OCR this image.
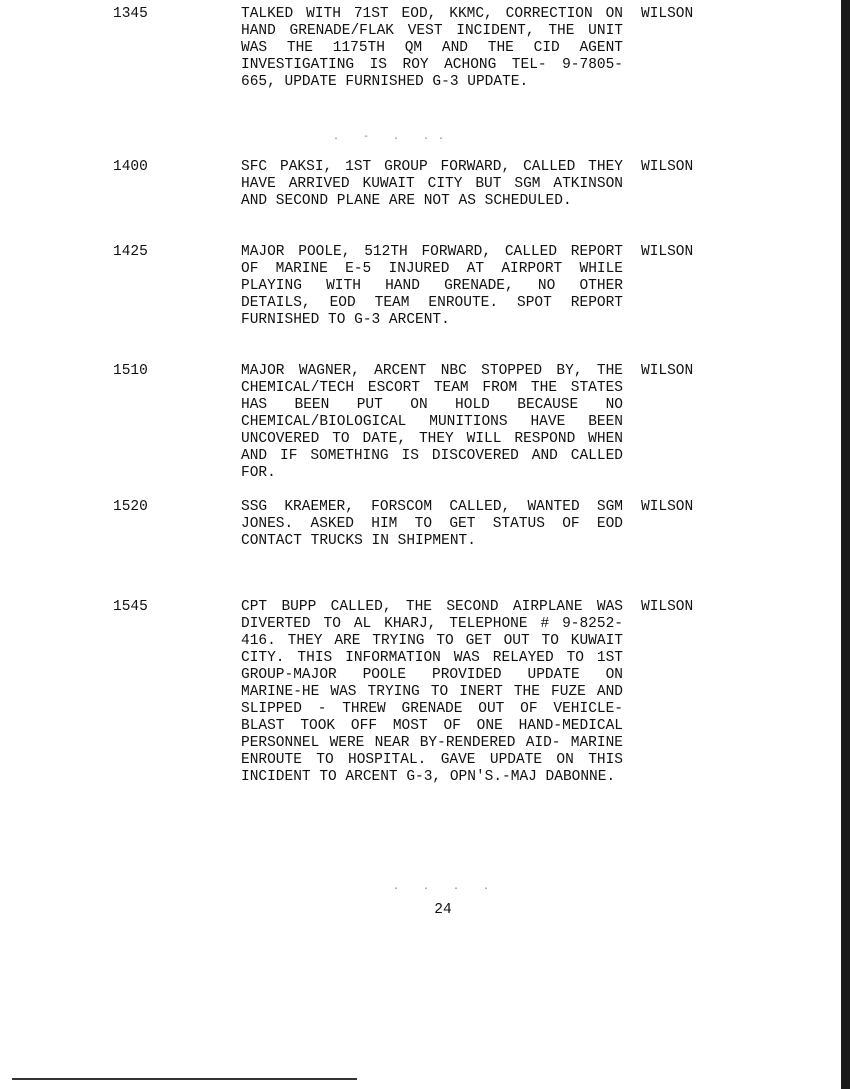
1345	TALKED WITH 71ST EOD, KKMC, CORRECTION ON HAND GRENADE/FLAK VEST INCIDENT, THE UNIT WAS THE 1175TH QM AND THE CID AGENT INVESTIGATING IS ROY ACHONG TEL- 9-7805-665, UPDATE FURNISHED G-3 UPDATE.
WILSON
. - . ..
1400	SFC PAKSI, 1ST GROUP FORWARD, CALLED THEY HAVE ARRIVED KUWAIT CITY BUT SGM ATKINSON AND SECOND PLANE ARE NOT AS SCHEDULED.
WILSON
1425	MAJOR POOLE, 512TH FORWARD, CALLED REPORT OF MARINE E-5 INJURED AT AIRPORT WHILE PLAYING WITH HAND GRENADE, NO OTHER DETAILS, EOD TEAM ENROUTE. SPOT REPORT FURNISHED TO G-3 ARCENT.
WILSON
1510	MAJOR WAGNER, ARCENT NBC STOPPED BY, THE CHEMICAL/TECH ESCORT TEAM FROM THE STATES HAS BEEN PUT ON HOLD BECAUSE NO CHEMICAL/BIOLOGICAL MUNITIONS HAVE BEEN UNCOVERED TO DATE, THEY WILL RESPOND WHEN AND IF SOMETHING IS DISCOVERED AND CALLED FOR.
WILSON
1520	SSG KRAEMER, FORSCOM CALLED, WANTED SGM JONES. ASKED HIM TO GET STATUS OF EOD CONTACT TRUCKS IN SHIPMENT.
WILSON
1545	CPT BUPP CALLED, THE SECOND AIRPLANE WAS DIVERTED TO AL KHARJ, TELEPHONE # 9-8252-416. THEY ARE TRYING TO GET OUT TO KUWAIT CITY. THIS INFORMATION WAS RELAYED TO 1ST GROUP-MAJOR POOLE PROVIDED UPDATE ON MARINE-HE WAS TRYING TO INERT THE FUZE AND SLIPPED - THREW GRENADE OUT OF VEHICLE-BLAST TOOK OFF MOST OF ONE HAND-MEDICAL PERSONNEL WERE NEAR BY-RENDERED AID- MARINE ENROUTE TO HOSPITAL. GAVE UPDATE ON THIS INCIDENT TO ARCENT G-3, OPN'S.-MAJ DABONNE.
WILSON
. . . .
24
